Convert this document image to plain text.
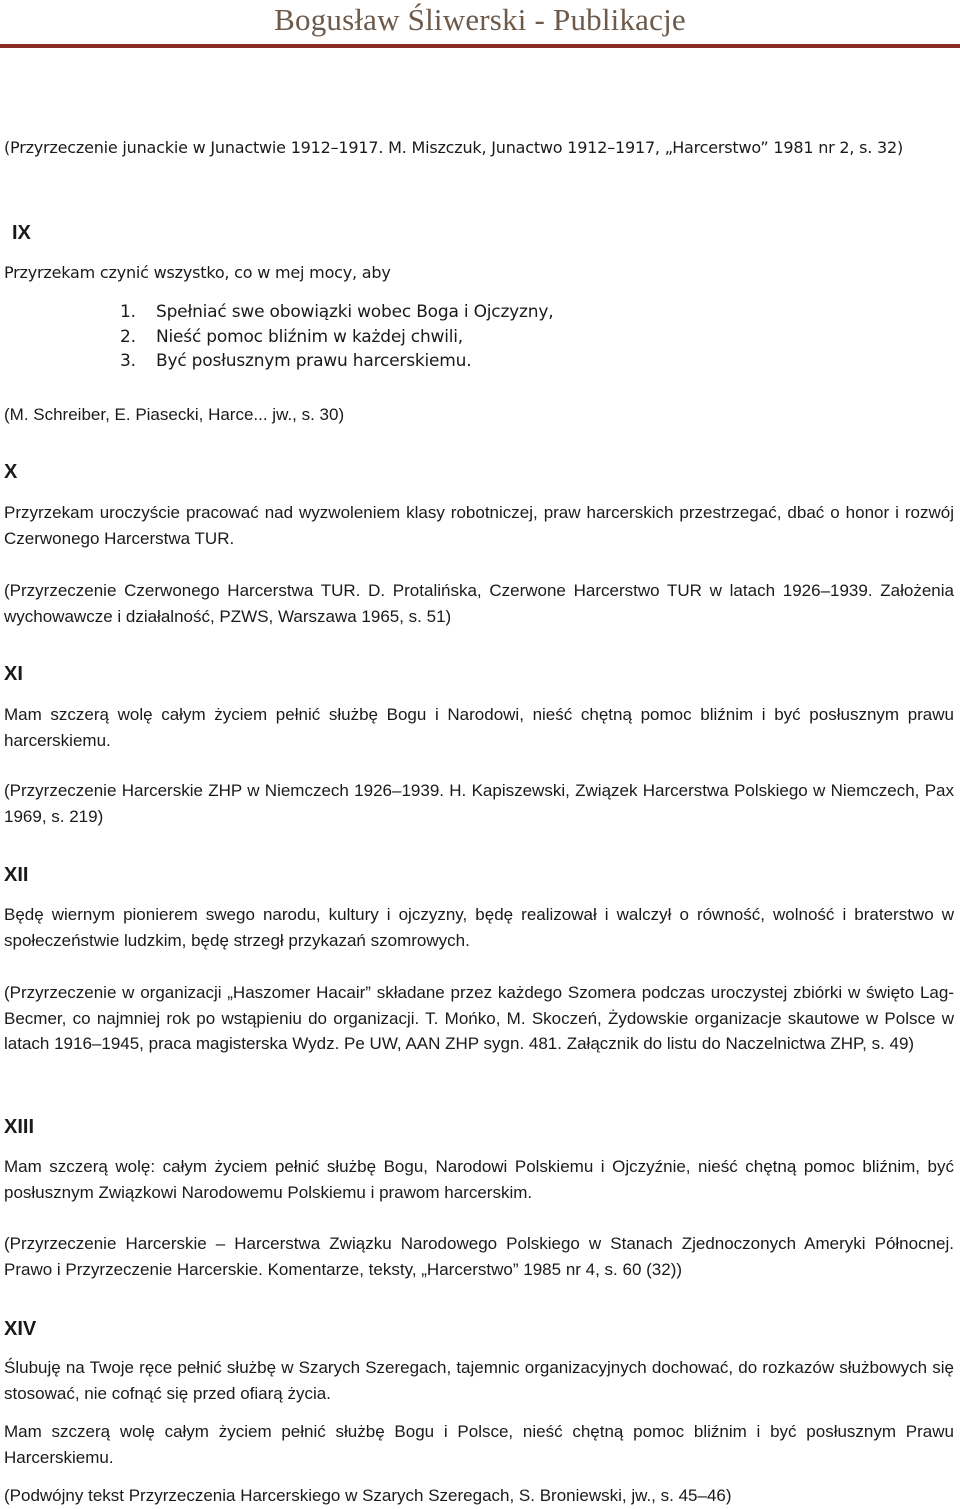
Bogusław Śliwerski - Publikacje

(Przyrzeczenie junackie w Junactwie 1912–1917. M. Miszczuk, Junactwo 1912–1917, „Harcerstwo” 1981 nr 2, s. 32)

IX

Przyrzekam czynić wszystko, co w mej mocy, aby

1. Spełniać swe obowiązki wobec Boga i Ojczyzny,
2. Nieść pomoc bliźnim w każdej chwili,
3. Być posłusznym prawu harcerskiemu.

(M. Schreiber, E. Piasecki, Harce... jw., s. 30)

X

Przyrzekam uroczyście pracować nad wyzwoleniem klasy robotniczej, praw harcerskich przestrzegać, dbać o honor i rozwój Czerwonego Harcerstwa TUR.

(Przyrzeczenie Czerwonego Harcerstwa TUR. D. Protalińska, Czerwone Harcerstwo TUR w latach 1926–1939. Założenia wychowawcze i działalność, PZWS, Warszawa 1965, s. 51)

XI

Mam szczerą wolę całym życiem pełnić służbę Bogu i Narodowi, nieść chętną pomoc bliźnim i być posłusznym prawu harcerskiemu.

(Przyrzeczenie Harcerskie ZHP w Niemczech 1926–1939. H. Kapiszewski, Związek Harcerstwa Polskiego w Niemczech, Pax 1969, s. 219)

XII

Będę wiernym pionierem swego narodu, kultury i ojczyzny, będę realizował i walczył o równość, wolność i braterstwo w społeczeństwie ludzkim, będę strzegł przykazań szomrowych.

(Przyrzeczenie w organizacji „Haszomer Hacair” składane przez każdego Szomera podczas uroczystej zbiórki w święto Lag-Becmer, co najmniej rok po wstąpieniu do organizacji. T. Mońko, M. Skoczeń, Żydowskie organizacje skautowe w Polsce w latach 1916–1945, praca magisterska Wydz. Pe UW, AAN ZHP sygn. 481. Załącznik do listu do Naczelnictwa ZHP, s. 49)

XIII

Mam szczerą wolę: całym życiem pełnić służbę Bogu, Narodowi Polskiemu i Ojczyźnie, nieść chętną pomoc bliźnim, być posłusznym Związkowi Narodowemu Polskiemu i prawom harcerskim.

(Przyrzeczenie Harcerskie – Harcerstwa Związku Narodowego Polskiego w Stanach Zjednoczonych Ameryki Północnej. Prawo i Przyrzeczenie Harcerskie. Komentarze, teksty, „Harcerstwo” 1985 nr 4, s. 60 (32))

XIV

Ślubuję na Twoje ręce pełnić służbę w Szarych Szeregach, tajemnic organizacyjnych dochować, do rozkazów służbowych się stosować, nie cofnąć się przed ofiarą życia.

Mam szczerą wolę całym życiem pełnić służbę Bogu i Polsce, nieść chętną pomoc bliźnim i być posłusznym Prawu Harcerskiemu.

(Podwójny tekst Przyrzeczenia Harcerskiego w Szarych Szeregach, S. Broniewski, jw., s. 45–46)
